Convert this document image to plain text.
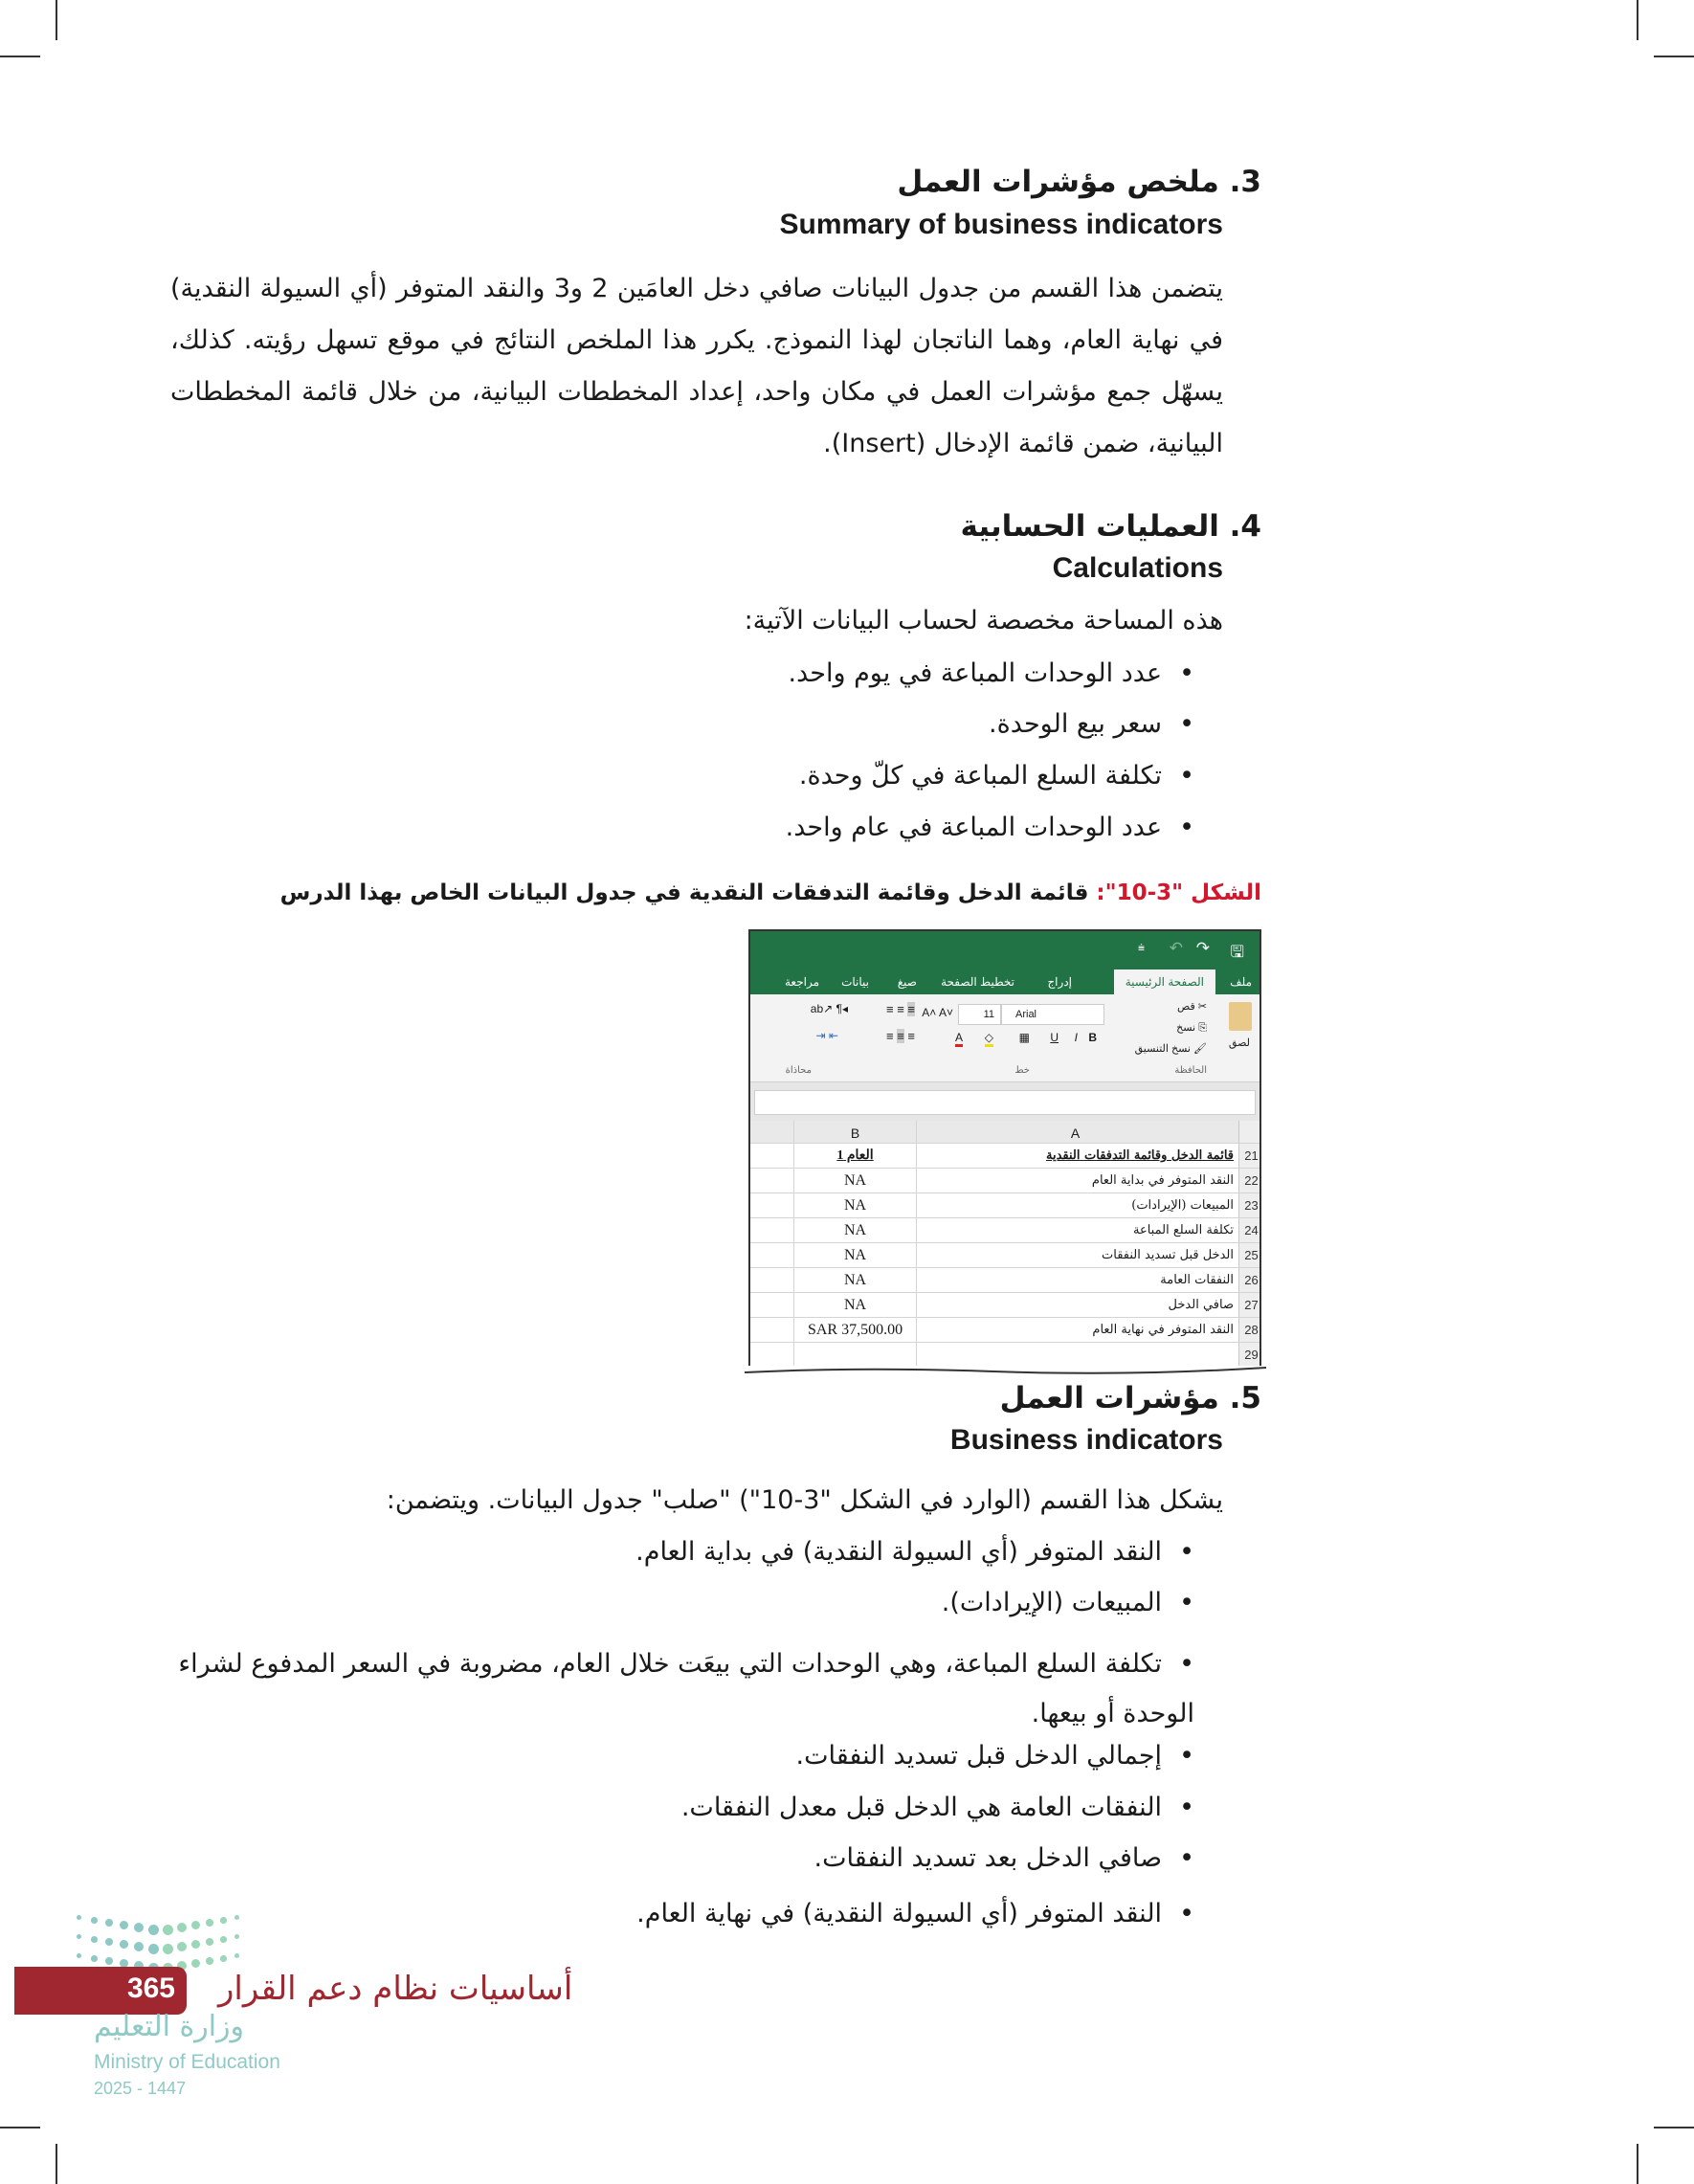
3. ملخص مؤشرات العمل
Summary of business indicators
يتضمن هذا القسم من جدول البيانات صافي دخل العامَين 2 و3 والنقد المتوفر (أي السيولة النقدية) في نهاية العام، وهما الناتجان لهذا النموذج. يكرر هذا الملخص النتائج في موقع تسهل رؤيته. كذلك، يسهّل جمع مؤشرات العمل في مكان واحد، إعداد المخططات البيانية، من خلال قائمة المخططات البيانية، ضمن قائمة الإدخال (Insert).
4. العمليات الحسابية
Calculations
هذه المساحة مخصصة لحساب البيانات الآتية:
• عدد الوحدات المباعة في يوم واحد.
• سعر بيع الوحدة.
• تكلفة السلع المباعة في كلّ وحدة.
• عدد الوحدات المباعة في عام واحد.
الشكل "3-10": قائمة الدخل وقائمة التدفقات النقدية في جدول البيانات الخاص بهذا الدرس
🖫
↷
↶
⩧
ملف
الصفحة الرئيسية
إدراج
تخطيط الصفحة
صيغ
بيانات
مراجعة
لصق
✂ قص
⎘ نسخ
🖌 نسخ التنسيق
الحافظة
Arial
11
A˄ A˅
B
I
U
▦
◇
A
خط
≡ ≡ ≡
≡ ≡ ≡
ab↗ ¶◂
⇥ ⇤
محاذاة
A
B
21
قائمة الدخل وقائمة التدفقات النقدية
العام 1
22
النقد المتوفر في بداية العام
NA
23
المبيعات (الإيرادات)
NA
24
تكلفة السلع المباعة
NA
25
الدخل قبل تسديد النفقات
NA
26
النفقات العامة
NA
27
صافي الدخل
NA
28
النقد المتوفر في نهاية العام
SAR 37,500.00
29
5. مؤشرات العمل
Business indicators
يشكل هذا القسم (الوارد في الشكل "3-10") "صلب" جدول البيانات. ويتضمن:
• النقد المتوفر (أي السيولة النقدية) في بداية العام.
• المبيعات (الإيرادات).
• تكلفة السلع المباعة، وهي الوحدات التي بيعَت خلال العام، مضروبة في السعر المدفوع لشراء الوحدة أو بيعها.
• إجمالي الدخل قبل تسديد النفقات.
• النفقات العامة هي الدخل قبل معدل النفقات.
• صافي الدخل بعد تسديد النفقات.
• النقد المتوفر (أي السيولة النقدية) في نهاية العام.
365 أساسيات نظام دعم القرار
وزارة التعليم
Ministry of Education
2025 - 1447
